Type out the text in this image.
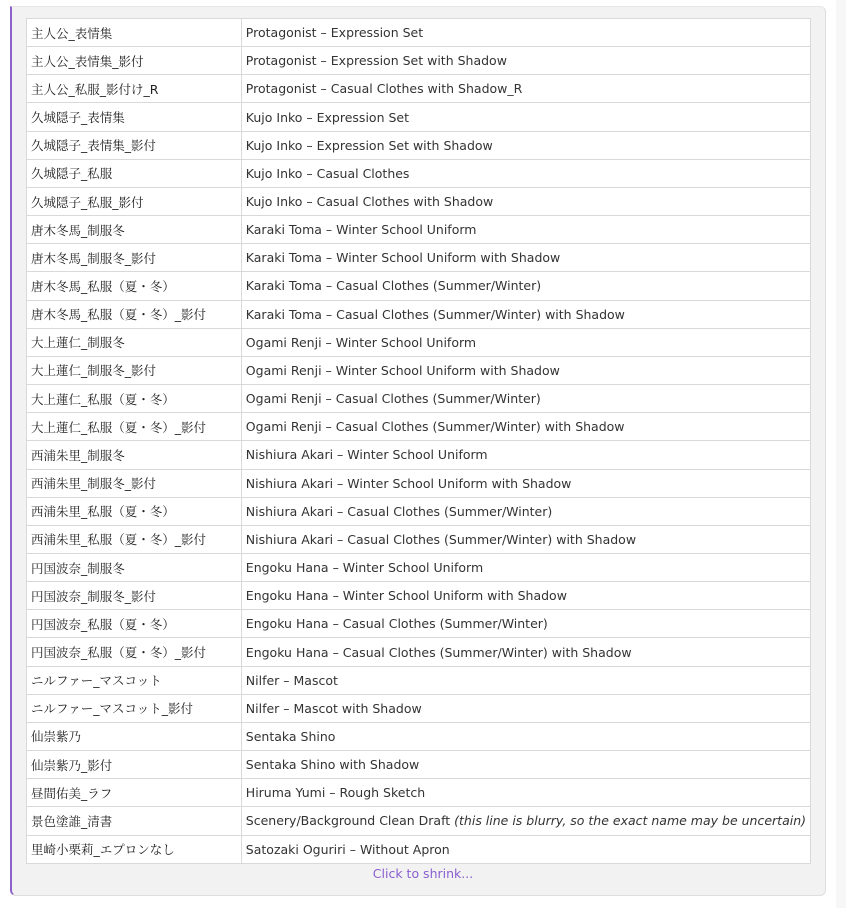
主人公_表情集	Protagonist – Expression Set
主人公_表情集_影付	Protagonist – Expression Set with Shadow
主人公_私服_影付け_R	Protagonist – Casual Clothes with Shadow_R
久城隠子_表情集	Kujo Inko – Expression Set
久城隠子_表情集_影付	Kujo Inko – Expression Set with Shadow
久城隠子_私服	Kujo Inko – Casual Clothes
久城隠子_私服_影付	Kujo Inko – Casual Clothes with Shadow
唐木冬馬_制服冬	Karaki Toma – Winter School Uniform
唐木冬馬_制服冬_影付	Karaki Toma – Winter School Uniform with Shadow
唐木冬馬_私服（夏・冬）	Karaki Toma – Casual Clothes (Summer/Winter)
唐木冬馬_私服（夏・冬）_影付	Karaki Toma – Casual Clothes (Summer/Winter) with Shadow
大上蓮仁_制服冬	Ogami Renji – Winter School Uniform
大上蓮仁_制服冬_影付	Ogami Renji – Winter School Uniform with Shadow
大上蓮仁_私服（夏・冬）	Ogami Renji – Casual Clothes (Summer/Winter)
大上蓮仁_私服（夏・冬）_影付	Ogami Renji – Casual Clothes (Summer/Winter) with Shadow
西浦朱里_制服冬	Nishiura Akari – Winter School Uniform
西浦朱里_制服冬_影付	Nishiura Akari – Winter School Uniform with Shadow
西浦朱里_私服（夏・冬）	Nishiura Akari – Casual Clothes (Summer/Winter)
西浦朱里_私服（夏・冬）_影付	Nishiura Akari – Casual Clothes (Summer/Winter) with Shadow
円国波奈_制服冬	Engoku Hana – Winter School Uniform
円国波奈_制服冬_影付	Engoku Hana – Winter School Uniform with Shadow
円国波奈_私服（夏・冬）	Engoku Hana – Casual Clothes (Summer/Winter)
円国波奈_私服（夏・冬）_影付	Engoku Hana – Casual Clothes (Summer/Winter) with Shadow
ニルファー_マスコット	Nilfer – Mascot
ニルファー_マスコット_影付	Nilfer – Mascot with Shadow
仙崇紫乃	Sentaka Shino
仙崇紫乃_影付	Sentaka Shino with Shadow
昼間佑美_ラフ	Hiruma Yumi – Rough Sketch
景色塗誰_清書	Scenery/Background Clean Draft (this line is blurry, so the exact name may be uncertain)
里崎小栗莉_エプロンなし	Satozaki Oguriri – Without Apron
Click to shrink...
